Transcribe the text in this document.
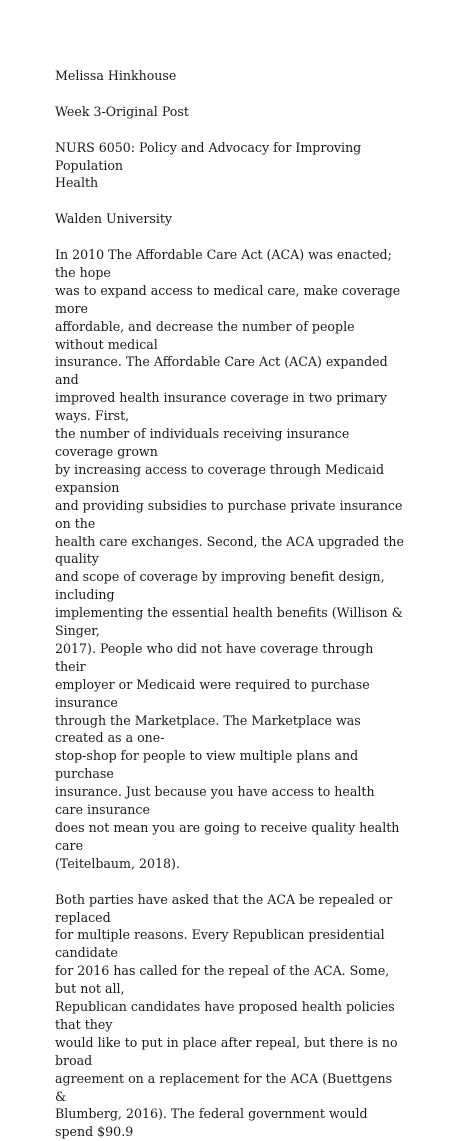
Melissa Hinkhouse

Week 3-Original Post

NURS 6050: Policy and Advocacy for Improving Population
Health

Walden University

In 2010 The Affordable Care Act (ACA) was enacted; the hope
was to expand access to medical care, make coverage more
affordable, and decrease the number of people without medical
insurance. The Affordable Care Act (ACA) expanded and
improved health insurance coverage in two primary ways. First,
the number of individuals receiving insurance coverage grown
by increasing access to coverage through Medicaid expansion
and providing subsidies to purchase private insurance on the
health care exchanges. Second, the ACA upgraded the quality
and scope of coverage by improving benefit design, including
implementing the essential health benefits (Willison & Singer,
2017). People who did not have coverage through their
employer or Medicaid were required to purchase insurance
through the Marketplace. The Marketplace was created as a one-
stop-shop for people to view multiple plans and purchase
insurance. Just because you have access to health care insurance
does not mean you are going to receive quality health care
(Teitelbaum, 2018).

Both parties have asked that the ACA be repealed or replaced
for multiple reasons. Every Republican presidential candidate
for 2016 has called for the repeal of the ACA. Some, but not all,
Republican candidates have proposed health policies that they
would like to put in place after repeal, but there is no broad
agreement on a replacement for the ACA (Buettgens &
Blumberg, 2016). The federal government would spend $90.9
